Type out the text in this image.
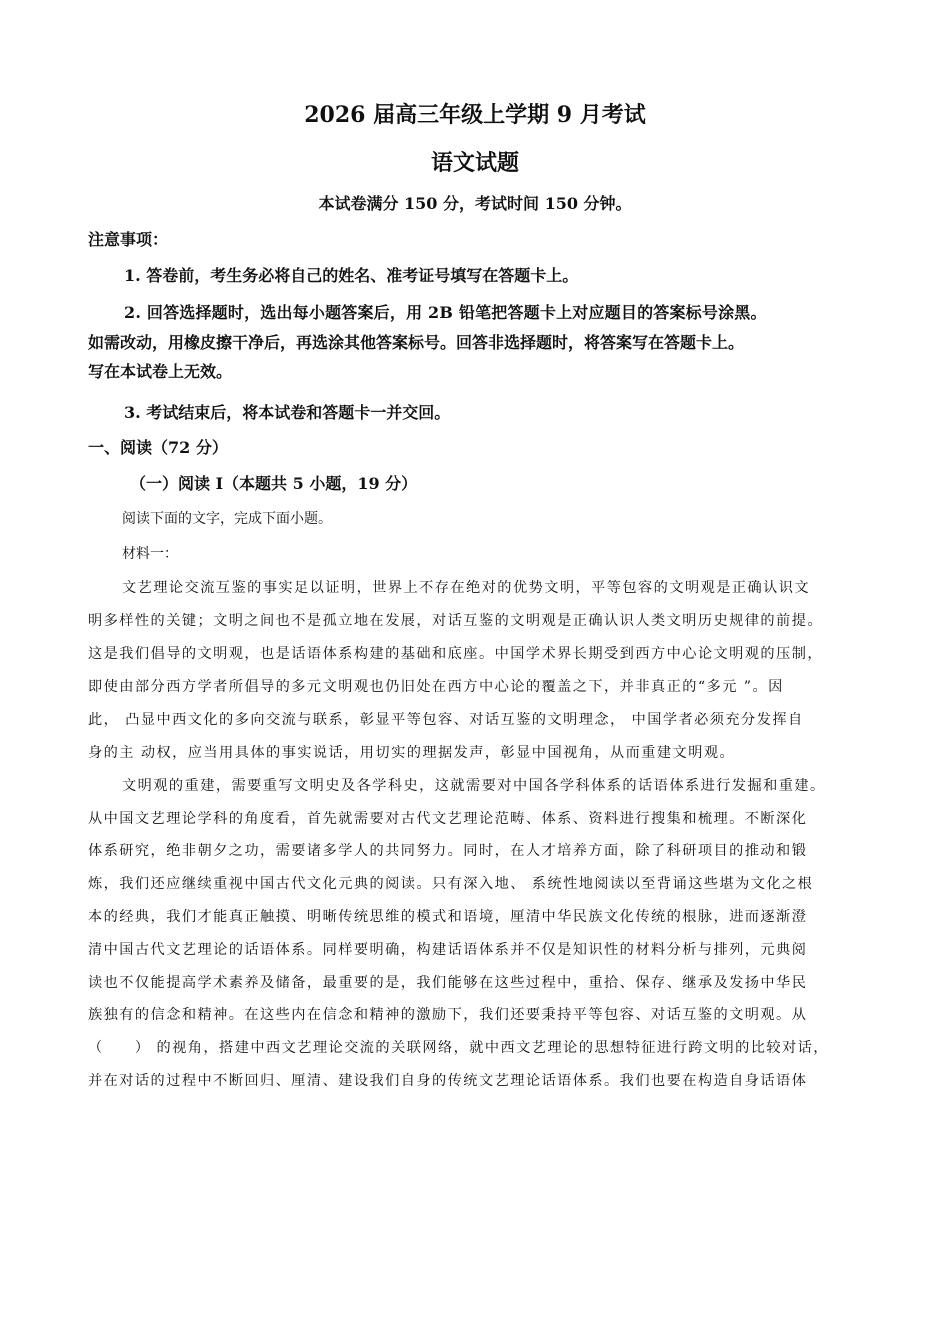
2026 届高三年级上学期 9 月考试
语文试题
本试卷满分 150 分，考试时间 150 分钟。
注意事项：
1. 答卷前，考生务必将自己的姓名、准考证号填写在答题卡上。
2. 回答选择题时，选出每小题答案后，用 2B 铅笔把答题卡上对应题目的答案标号涂黑。
如需改动，用橡皮擦干净后，再选涂其他答案标号。回答非选择题时，将答案写在答题卡上。
写在本试卷上无效。
3. 考试结束后，将本试卷和答题卡一并交回。
一、阅读（72 分）
（一）阅读 Ⅰ（本题共 5 小题，19 分）
阅读下面的文字，完成下面小题。
材料一：
文艺理论交流互鉴的事实足以证明，世界上不存在绝对的优势文明，平等包容的文明观是正确认识文
明多样性的关键；文明之间也不是孤立地在发展，对话互鉴的文明观是正确认识人类文明历史规律的前提。
这是我们倡导的文明观，也是话语体系构建的基础和底座。中国学术界长期受到西方中心论文明观的压制，
即使由部分西方学者所倡导的多元文明观也仍旧处在西方中心论的覆盖之下，并非真正的“多元 ”。因
此， 凸显中西文化的多向交流与联系，彰显平等包容、对话互鉴的文明理念， 中国学者必须充分发挥自
身的主 动权，应当用具体的事实说话，用切实的理据发声，彰显中国视角，从而重建文明观。
文明观的重建，需要重写文明史及各学科史，这就需要对中国各学科体系的话语体系进行发掘和重建。
从中国文艺理论学科的角度看，首先就需要对古代文艺理论范畴、体系、资料进行搜集和梳理。不断深化
体系研究，绝非朝夕之功，需要诸多学人的共同努力。同时，在人才培养方面，除了科研项目的推动和锻
炼，我们还应继续重视中国古代文化元典的阅读。只有深入地、 系统性地阅读以至背诵这些堪为文化之根
本的经典，我们才能真正触摸、明晰传统思维的模式和语境，厘清中华民族文化传统的根脉，进而逐渐澄
清中国古代文艺理论的话语体系。同样要明确，构建话语体系并不仅是知识性的材料分析与排列，元典阅
读也不仅能提高学术素养及储备，最重要的是，我们能够在这些过程中，重拾、保存、继承及发扬中华民
族独有的信念和精神。在这些内在信念和精神的激励下，我们还要秉持平等包容、对话互鉴的文明观。从
（　　） 的视角，搭建中西文艺理论交流的关联网络，就中西文艺理论的思想特征进行跨文明的比较对话，
并在对话的过程中不断回归、厘清、建设我们自身的传统文艺理论话语体系。我们也要在构造自身话语体
